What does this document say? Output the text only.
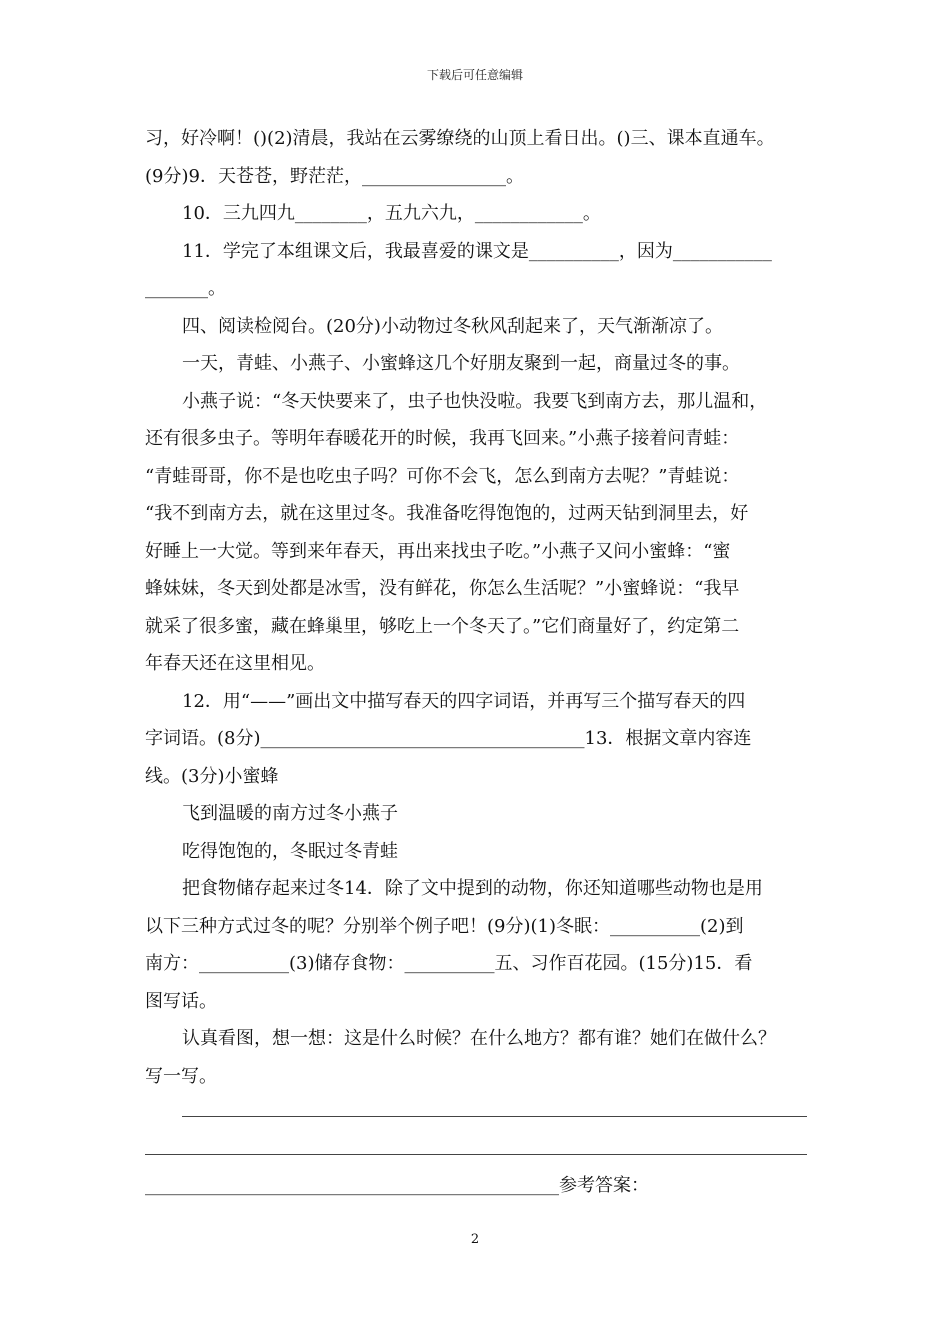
下载后可任意编辑
习，好冷啊！()(2)清晨，我站在云雾缭绕的山顶上看日出。()三、课本直通车。
(9分)9．天苍苍，野茫茫，________________。
10．三九四九________，五九六九，____________。
11．学完了本组课文后，我最喜爱的课文是__________，因为___________
_______。
四、阅读检阅台。(20分)小动物过冬秋风刮起来了，天气渐渐凉了。
一天，青蛙、小燕子、小蜜蜂这几个好朋友聚到一起，商量过冬的事。
小燕子说：“冬天快要来了，虫子也快没啦。我要飞到南方去，那儿温和，
还有很多虫子。等明年春暖花开的时候，我再飞回来。”小燕子接着问青蛙：
“青蛙哥哥，你不是也吃虫子吗？可你不会飞，怎么到南方去呢？”青蛙说：
“我不到南方去，就在这里过冬。我准备吃得饱饱的，过两天钻到洞里去，好
好睡上一大觉。等到来年春天，再出来找虫子吃。”小燕子又问小蜜蜂：“蜜
蜂妹妹，冬天到处都是冰雪，没有鲜花，你怎么生活呢？”小蜜蜂说：“我早
就采了很多蜜，藏在蜂巢里，够吃上一个冬天了。”它们商量好了，约定第二
年春天还在这里相见。
12．用“——”画出文中描写春天的四字词语，并再写三个描写春天的四
字词语。(8分)____________________________________13．根据文章内容连
线。(3分)小蜜蜂
飞到温暖的南方过冬小燕子
吃得饱饱的，冬眠过冬青蛙
把食物储存起来过冬14．除了文中提到的动物，你还知道哪些动物也是用
以下三种方式过冬的呢？分别举个例子吧！(9分)(1)冬眠：__________(2)到
南方：__________(3)储存食物：__________五、习作百花园。(15分)15．看
图写话。
认真看图，想一想：这是什么时候？在什么地方？都有谁？她们在做什么？
写一写。
______________________________________________参考答案：
2
